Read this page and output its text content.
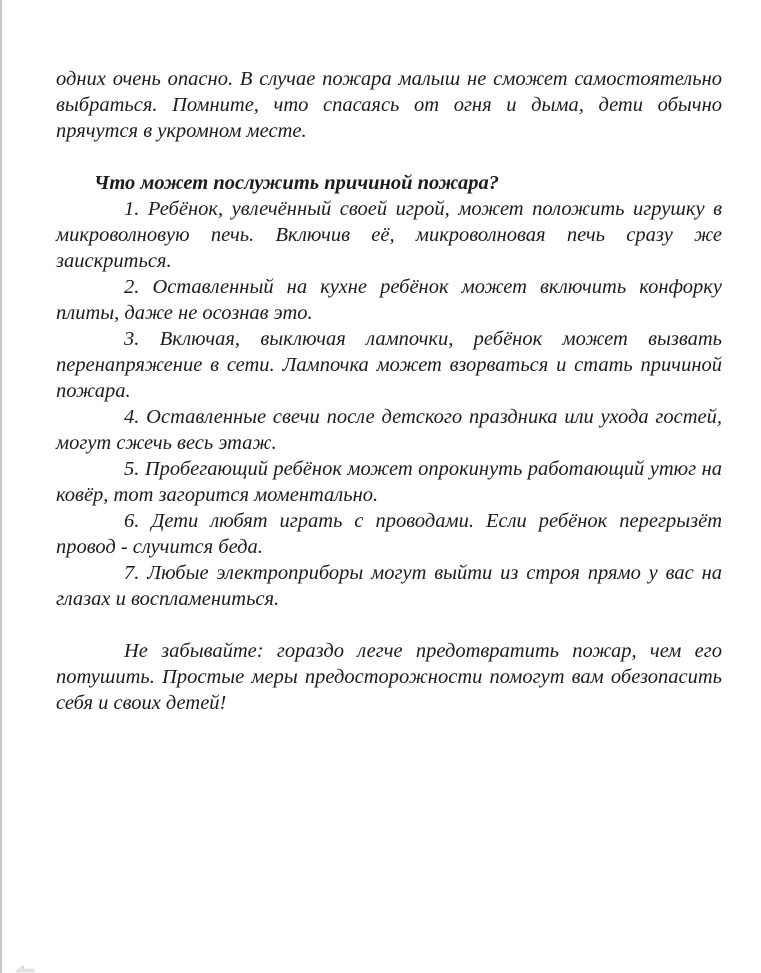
одних очень опасно. В случае пожара малыш не сможет самостоятельно выбраться. Помните, что спасаясь от огня и дыма, дети обычно прячутся в укромном месте.

Что может послужить причиной пожара?

1. Ребёнок, увлечённый своей игрой, может положить игрушку в микроволновую печь. Включив её, микроволновая печь сразу же заискриться.

2. Оставленный на кухне ребёнок может включить конфорку плиты, даже не осознав это.

3. Включая, выключая лампочки, ребёнок может вызвать перенапряжение в сети. Лампочка может взорваться и стать причиной пожара.

4. Оставленные свечи после детского праздника или ухода гостей, могут сжечь весь этаж.

5. Пробегающий ребёнок может опрокинуть работающий утюг на ковёр, тот загорится моментально.

6. Дети любят играть с проводами. Если ребёнок перегрызёт провод - случится беда.

7. Любые электроприборы могут выйти из строя прямо у вас на глазах и воспламениться.

Не забывайте: гораздо легче предотвратить пожар, чем его потушить. Простые меры предосторожности помогут вам обезопасить себя и своих детей!
